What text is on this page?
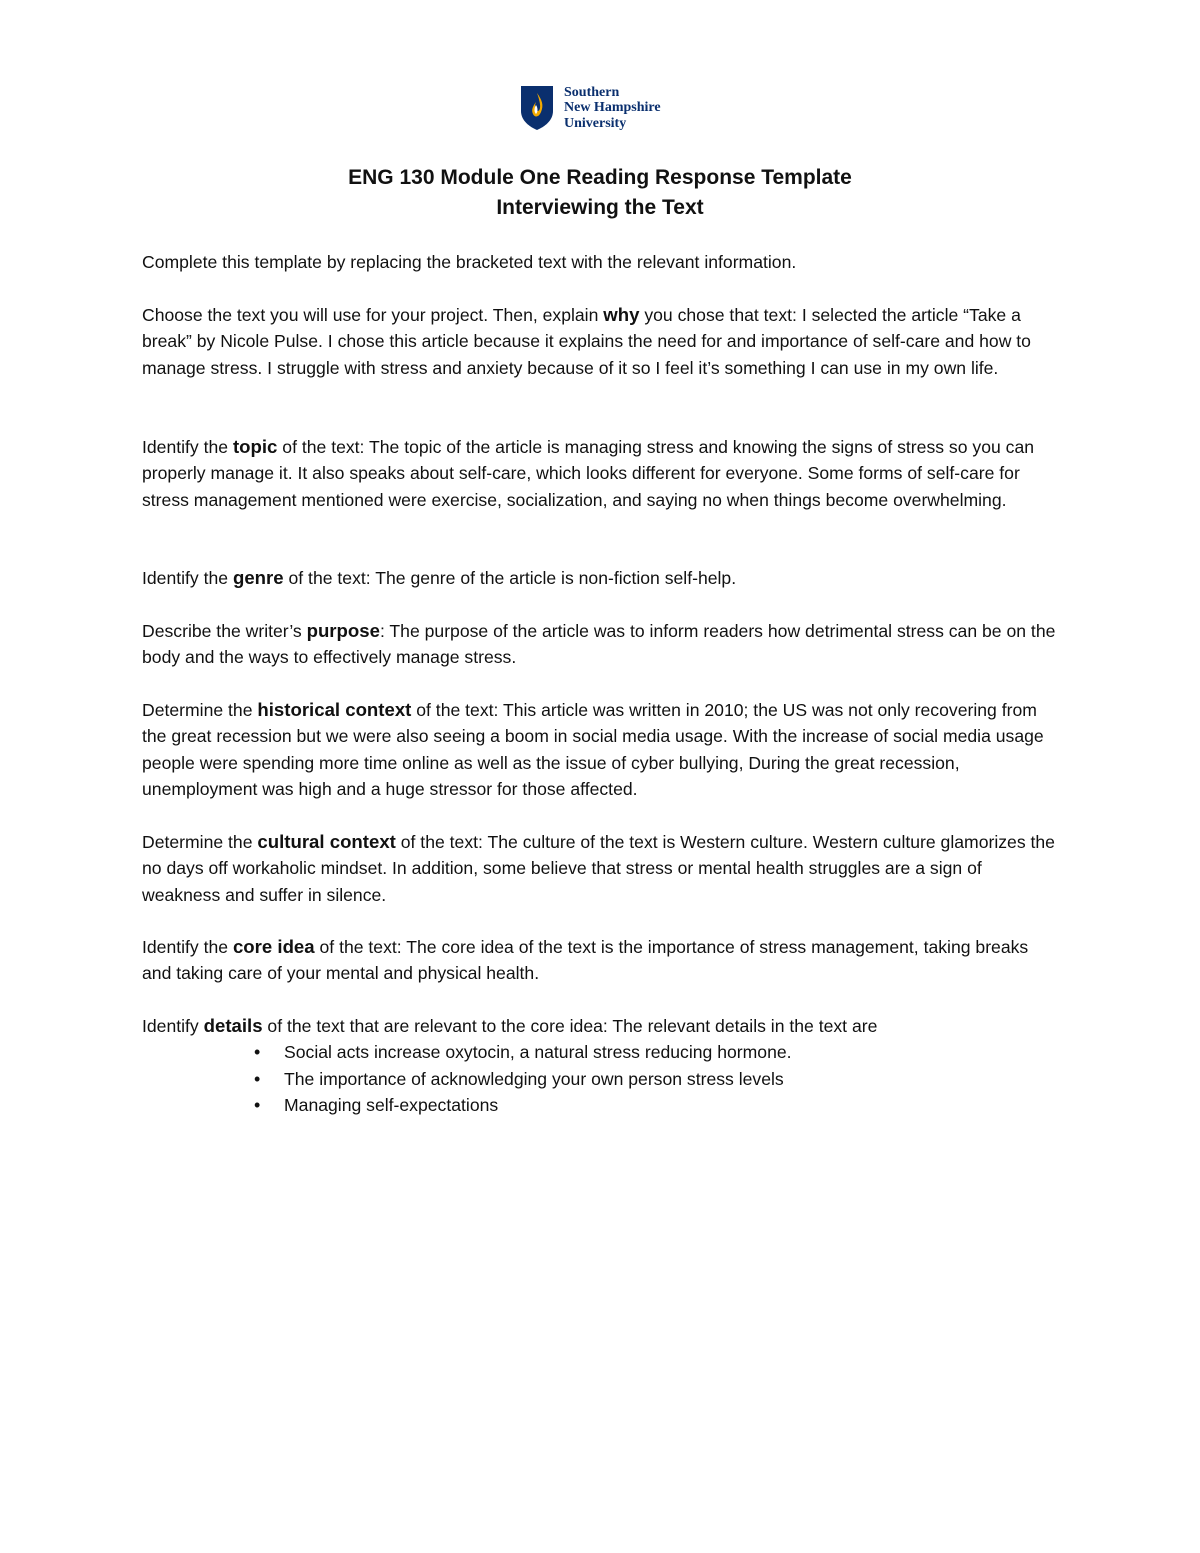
Southern
New Hampshire
University
ENG 130 Module One Reading Response Template
Interviewing the Text

Complete this template by replacing the bracketed text with the relevant information.

Choose the text you will use for your project. Then, explain why you chose that text: I selected the article “Take a break” by Nicole Pulse. I chose this article because it explains the need for and importance of self-care and how to manage stress. I struggle with stress and anxiety because of it so I feel it’s something I can use in my own life.

Identify the topic of the text: The topic of the article is managing stress and knowing the signs of stress so you can properly manage it. It also speaks about self-care, which looks different for everyone. Some forms of self-care for stress management mentioned were exercise, socialization, and saying no when things become overwhelming.

Identify the genre of the text: The genre of the article is non-fiction self-help.

Describe the writer’s purpose: The purpose of the article was to inform readers how detrimental stress can be on the body and the ways to effectively manage stress.

Determine the historical context of the text: This article was written in 2010; the US was not only recovering from the great recession but we were also seeing a boom in social media usage. With the increase of social media usage people were spending more time online as well as the issue of cyber bullying, During the great recession, unemployment was high and a huge stressor for those affected.

Determine the cultural context of the text: The culture of the text is Western culture. Western culture glamorizes the no days off workaholic mindset. In addition, some believe that stress or mental health struggles are a sign of weakness and suffer in silence.

Identify the core idea of the text: The core idea of the text is the importance of stress management, taking breaks and taking care of your mental and physical health.

Identify details of the text that are relevant to the core idea: The relevant details in the text are

• Social acts increase oxytocin, a natural stress reducing hormone.
• The importance of acknowledging your own person stress levels
• Managing self-expectations
